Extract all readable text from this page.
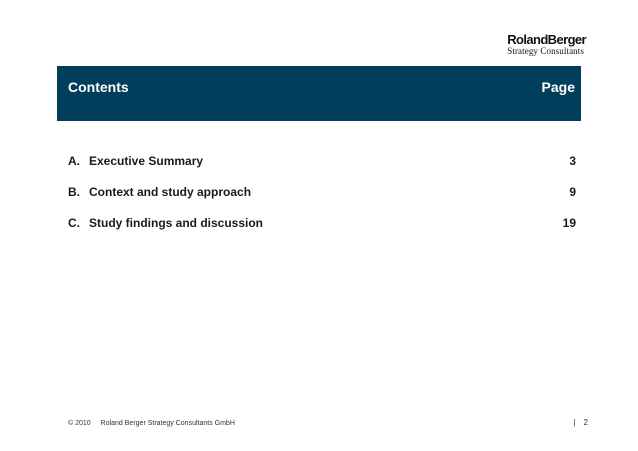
RolandBerger
Strategy Consultants
Contents	Page
A. Executive Summary	3
B. Context and study approach	9
C. Study findings and discussion	19
© 2010 Roland Berger Strategy Consultants GmbH	| 2
